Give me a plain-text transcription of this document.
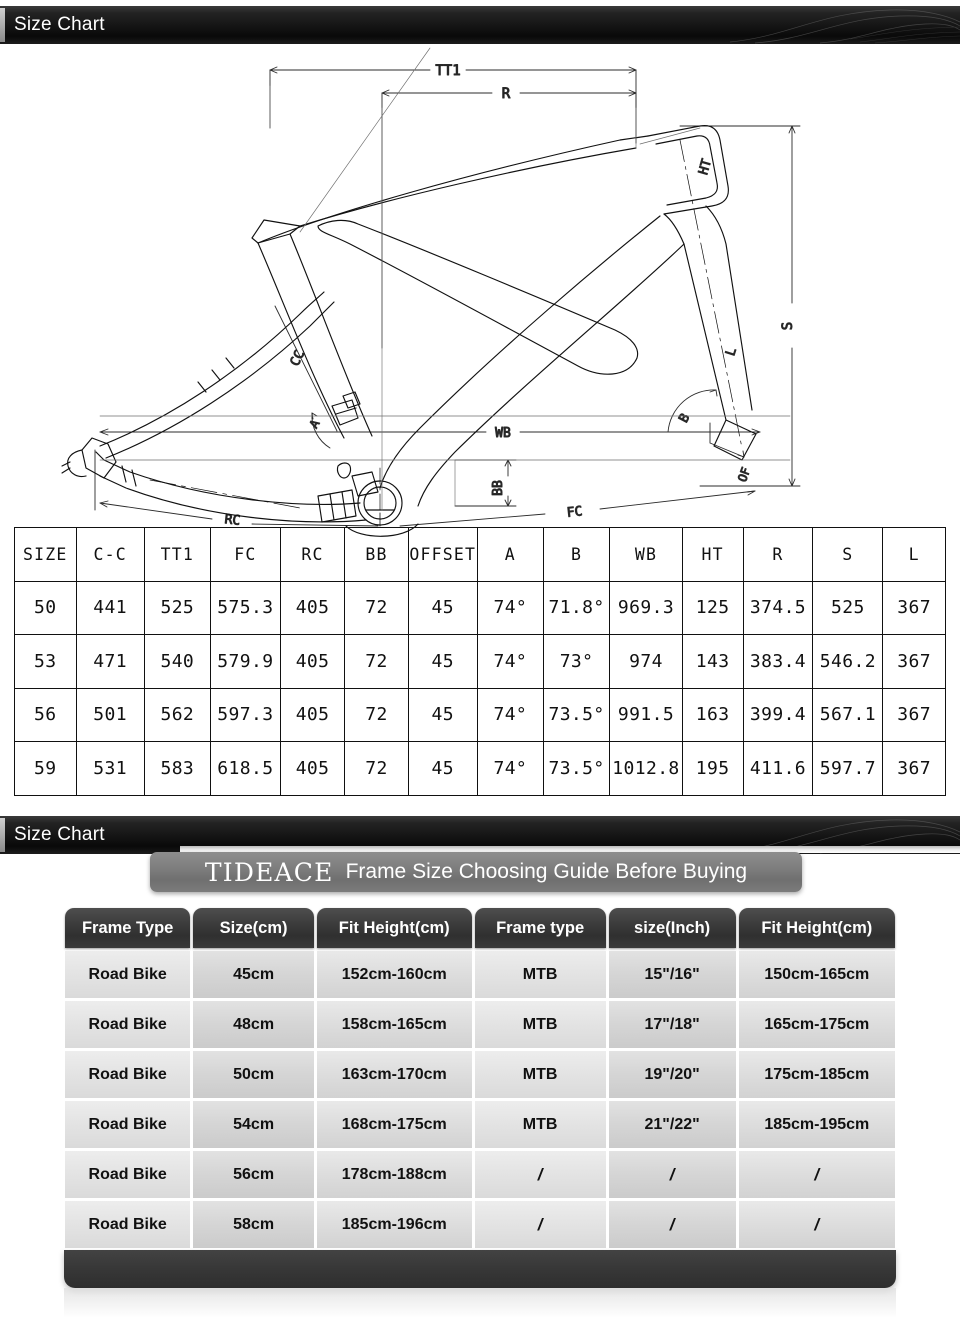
Size Chart
TT1
R
S
WB
BB
RC	FC
OF
B
A
CC
HT
L
SIZE	C-C	TT1	FC	RC	BB	OFFSET	A	B	WB	HT	R	S	L
50	441	525	575.3	405	72	45	74°	71.8°	969.3	125	374.5	525	367
53	471	540	579.9	405	72	45	74°	73°	974	143	383.4	546.2	367
56	501	562	597.3	405	72	45	74°	73.5°	991.5	163	399.4	567.1	367
59	531	583	618.5	405	72	45	74°	73.5°	1012.8	195	411.6	597.7	367
Size Chart
TIDEACE Frame Size Choosing Guide Before Buying
Frame Type	Size(cm)	Fit Height(cm)	Frame type	size(Inch)	Fit Height(cm)
Road Bike	45cm	152cm-160cm	MTB	15"/16"	150cm-165cm
Road Bike	48cm	158cm-165cm	MTB	17"/18"	165cm-175cm
Road Bike	50cm	163cm-170cm	MTB	19"/20"	175cm-185cm
Road Bike	54cm	168cm-175cm	MTB	21"/22"	185cm-195cm
Road Bike	56cm	178cm-188cm	/	/	/
Road Bike	58cm	185cm-196cm	/	/	/
